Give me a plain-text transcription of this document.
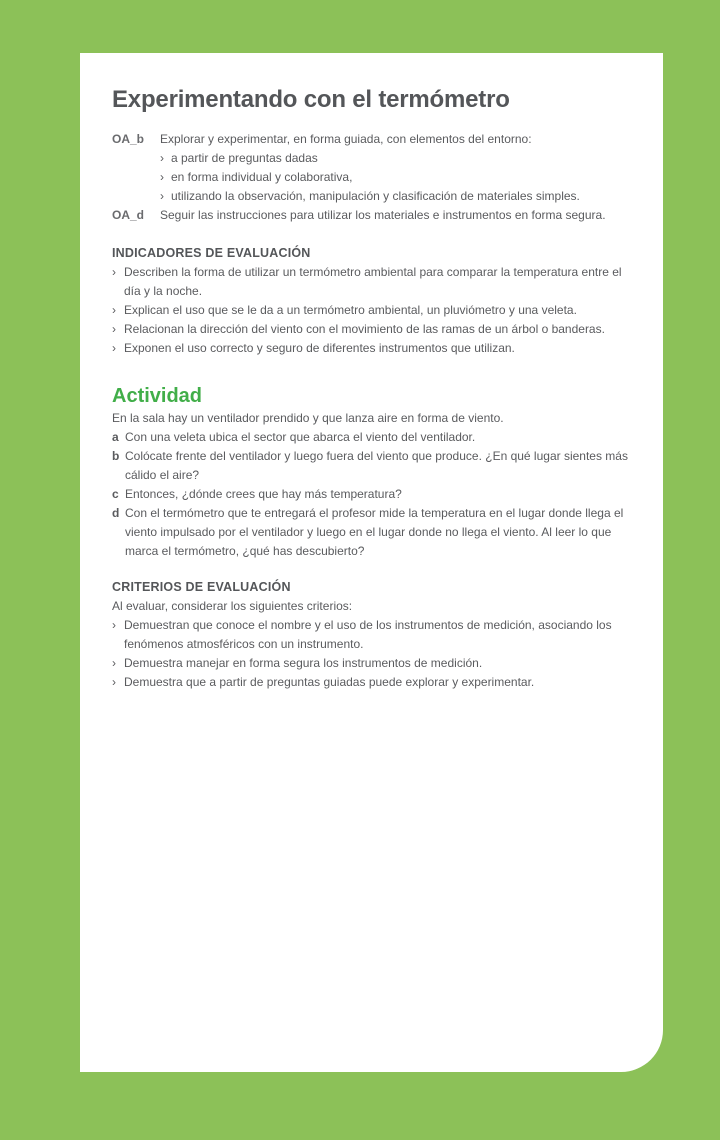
Experimentando con el termómetro
OA_b	Explorar y experimentar, en forma guiada, con elementos del entorno:
› a partir de preguntas dadas
› en forma individual y colaborativa,
› utilizando la observación, manipulación y clasificación de materiales simples.
OA_d	Seguir las instrucciones para utilizar los materiales e instrumentos en forma segura.
INDICADORES DE EVALUACIÓN
› Describen la forma de utilizar un termómetro ambiental para comparar la temperatura entre el día y la noche.
› Explican el uso que se le da a un termómetro ambiental, un pluviómetro y una veleta.
› Relacionan la dirección del viento con el movimiento de las ramas de un árbol o banderas.
› Exponen el uso correcto y seguro de diferentes instrumentos que utilizan.
Actividad

En la sala hay un ventilador prendido y que lanza aire en forma de viento.

a Con una veleta ubica el sector que abarca el viento del ventilador.
b Colócate frente del ventilador y luego fuera del viento que produce. ¿En qué lugar sientes más cálido el aire?
c Entonces, ¿dónde crees que hay más temperatura?
d Con el termómetro que te entregará el profesor mide la temperatura en el lugar donde llega el viento impulsado por el ventilador y luego en el lugar donde no llega el viento. Al leer lo que marca el termómetro, ¿qué has descubierto?
CRITERIOS DE EVALUACIÓN

Al evaluar, considerar los siguientes criterios:

› Demuestran que conoce el nombre y el uso de los instrumentos de medición, asociando los fenómenos atmosféricos con un instrumento.
› Demuestra manejar en forma segura los instrumentos de medición.
› Demuestra que a partir de preguntas guiadas puede explorar y experimentar.
